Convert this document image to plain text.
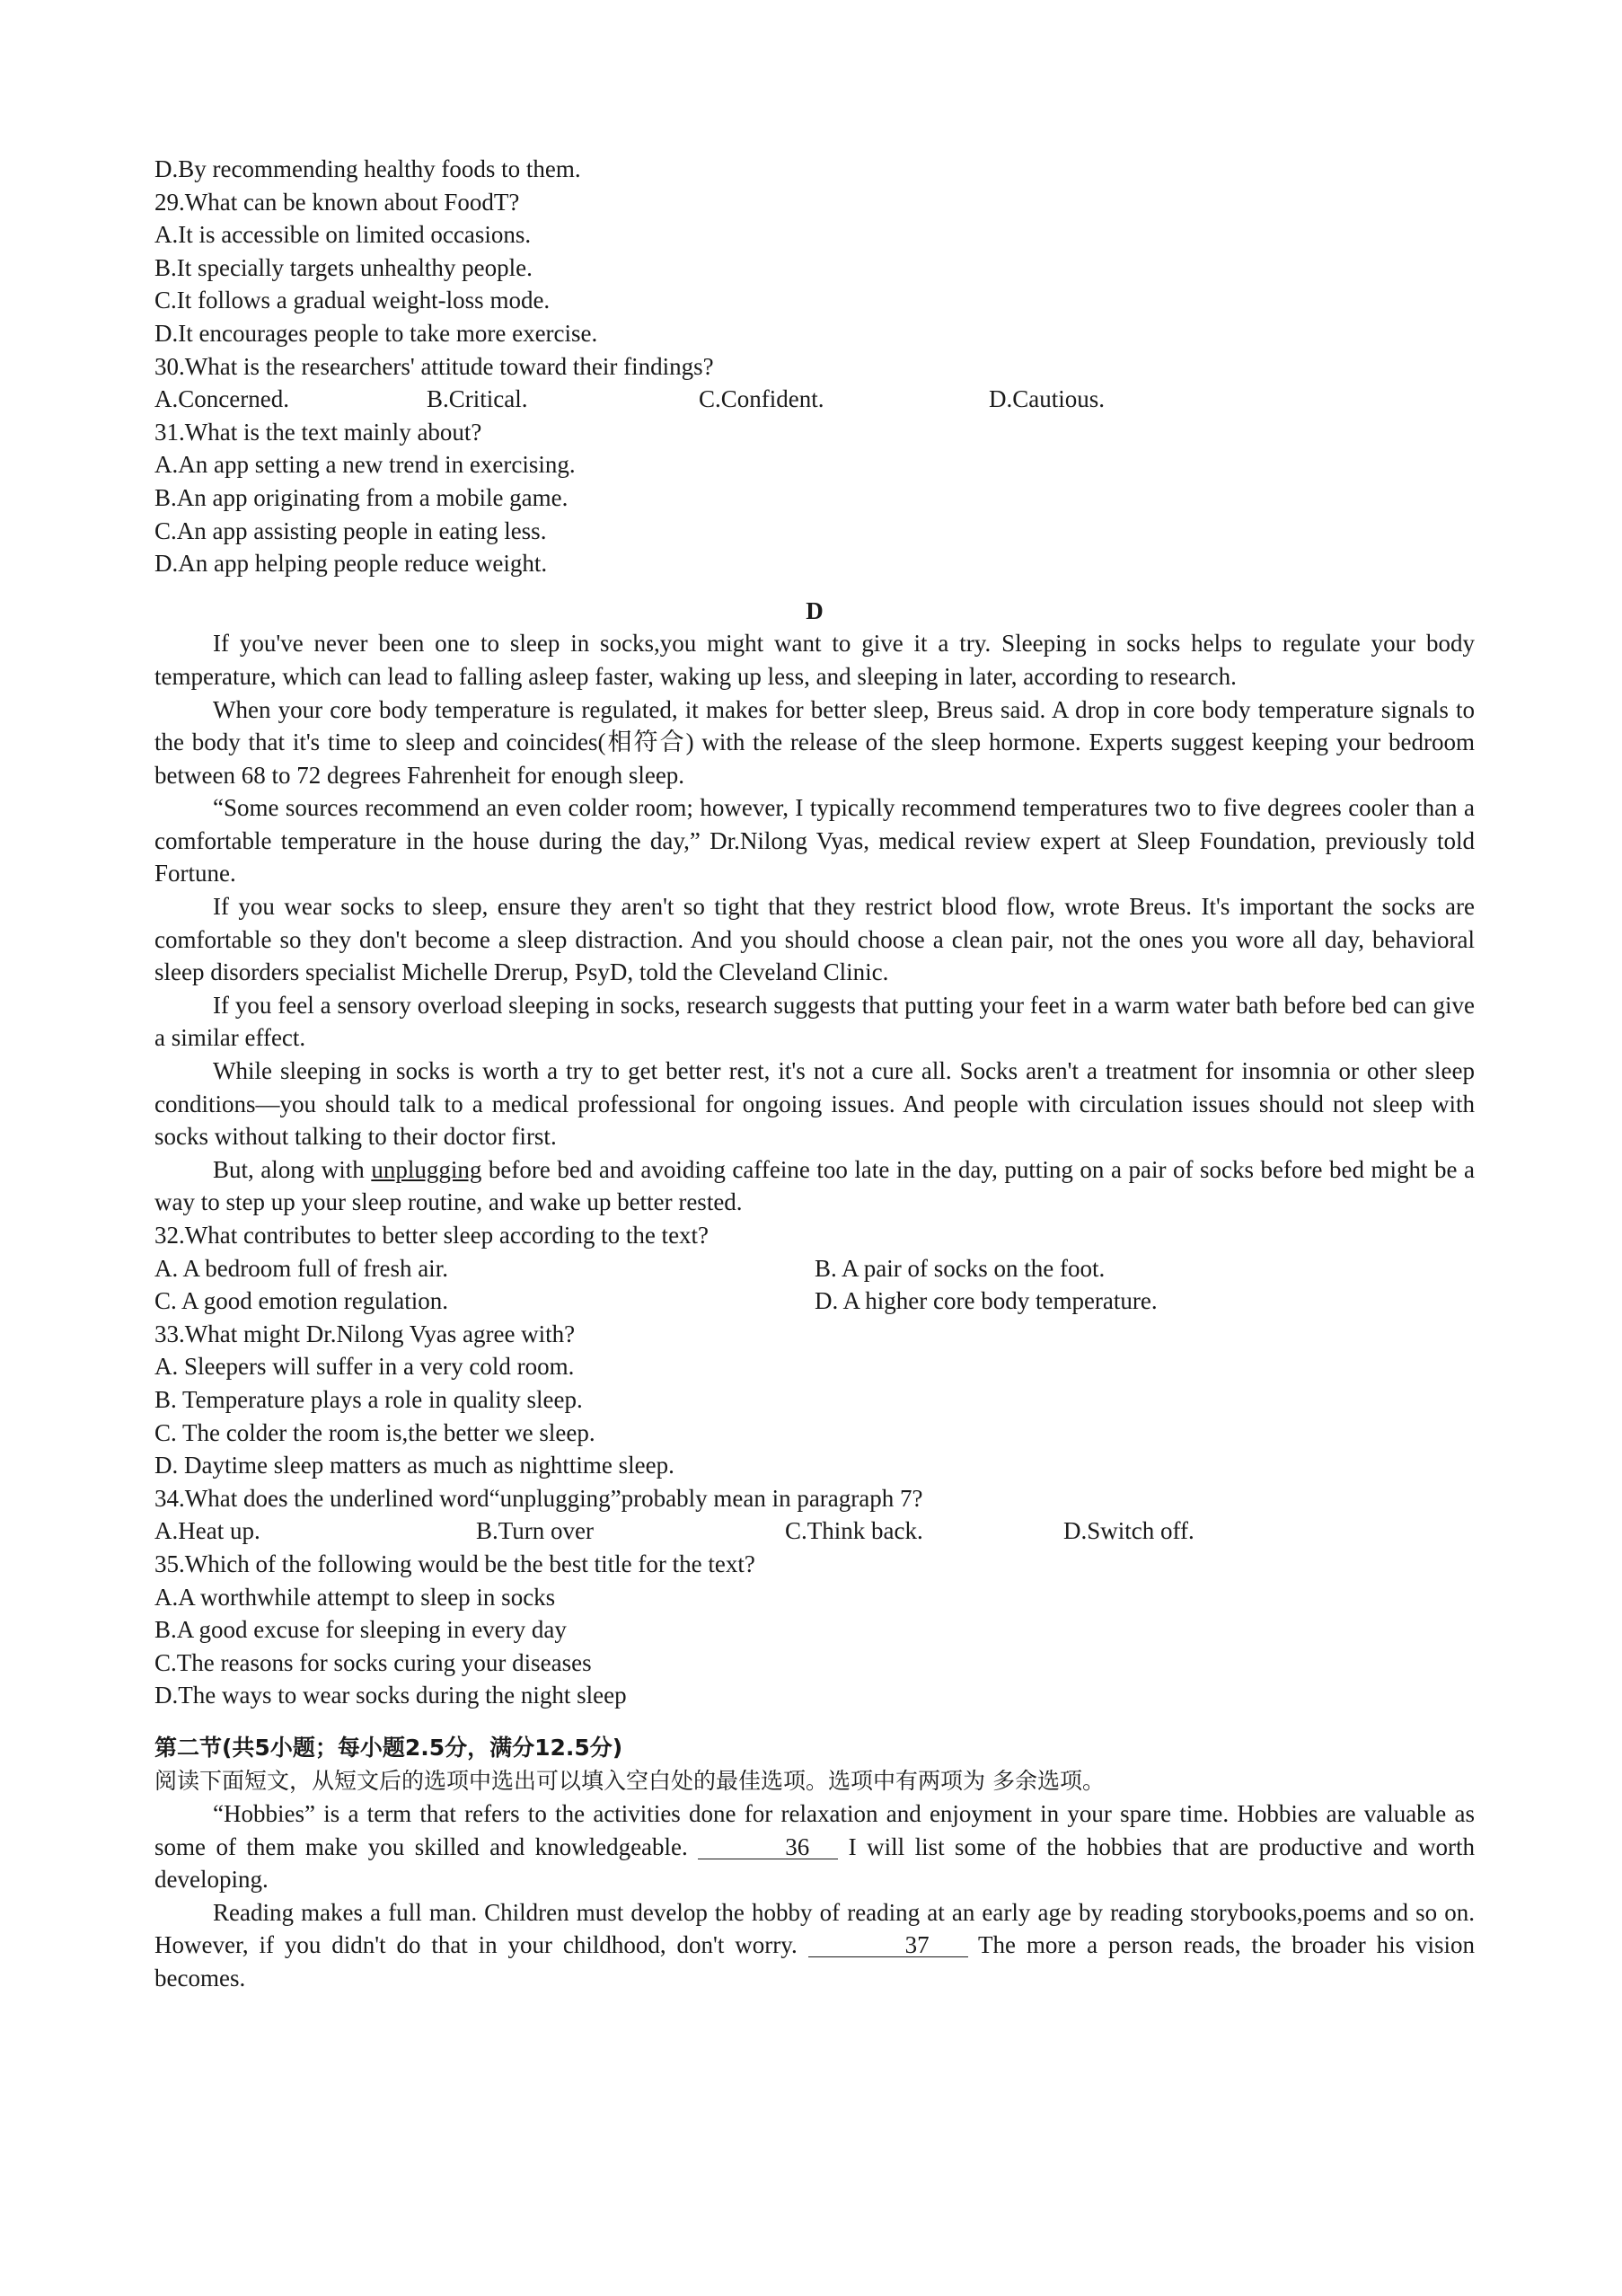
D.By recommending healthy foods to them.
29.What can be known about FoodT?
A.It is accessible on limited occasions.
B.It specially targets unhealthy people.
C.It follows a gradual weight-loss mode.
D.It encourages people to take more exercise.
30.What is the researchers' attitude toward their findings?
A.Concerned.	B.Critical.	C.Confident.	D.Cautious.
31.What is the text mainly about?
A.An app setting a new trend in exercising.
B.An app originating from a mobile game.
C.An app assisting people in eating less.
D.An app helping people reduce weight.
D
If you've never been one to sleep in socks,you might want to give it a try. Sleeping in socks helps to regulate your body temperature, which can lead to falling asleep faster, waking up less, and sleeping in later, according to research.
When your core body temperature is regulated, it makes for better sleep, Breus said. A drop in core body temperature signals to the body that it's time to sleep and coincides(相符合) with the release of the sleep hormone. Experts suggest keeping your bedroom between 68 to 72 degrees Fahrenheit for enough sleep.
“Some sources recommend an even colder room; however, I typically recommend temperatures two to five degrees cooler than a comfortable temperature in the house during the day,” Dr.Nilong Vyas, medical review expert at Sleep Foundation, previously told Fortune.
If you wear socks to sleep, ensure they aren't so tight that they restrict blood flow, wrote Breus. It's important the socks are comfortable so they don't become a sleep distraction. And you should choose a clean pair, not the ones you wore all day, behavioral sleep disorders specialist Michelle Drerup, PsyD, told the Cleveland Clinic.
If you feel a sensory overload sleeping in socks, research suggests that putting your feet in a warm water bath before bed can give a similar effect.
While sleeping in socks is worth a try to get better rest, it's not a cure all. Socks aren't a treatment for insomnia or other sleep conditions—you should talk to a medical professional for ongoing issues. And people with circulation issues should not sleep with socks without talking to their doctor first.
But, along with unplugging before bed and avoiding caffeine too late in the day, putting on a pair of socks before bed might be a way to step up your sleep routine, and wake up better rested.
32.What contributes to better sleep according to the text?
A. A bedroom full of fresh air.	B. A pair of socks on the foot.
C. A good emotion regulation.	D. A higher core body temperature.
33.What might Dr.Nilong Vyas agree with?
A. Sleepers will suffer in a very cold room.
B. Temperature plays a role in quality sleep.
C. The colder the room is,the better we sleep.
D. Daytime sleep matters as much as nighttime sleep.
34.What does the underlined word“unplugging”probably mean in paragraph 7?
A.Heat up.	B.Turn over	C.Think back.	D.Switch off.
35.Which of the following would be the best title for the text?
A.A worthwhile attempt to sleep in socks
B.A good excuse for sleeping in every day
C.The reasons for socks curing your diseases
D.The ways to wear socks during the night sleep
第二节(共5小题；每小题2.5分，满分12.5分)
阅读下面短文，从短文后的选项中选出可以填入空白处的最佳选项。选项中有两项为 多余选项。
“Hobbies” is a term that refers to the activities done for relaxation and enjoyment in your spare time. Hobbies are valuable as some of them make you skilled and knowledgeable.	36 I will list some of the hobbies that are productive and worth developing.
Reading makes a full man. Children must develop the hobby of reading at an early age by reading storybooks,poems and so on. However, if you didn't do that in your childhood, don't worry.	37 The more a person reads, the broader his vision becomes.
